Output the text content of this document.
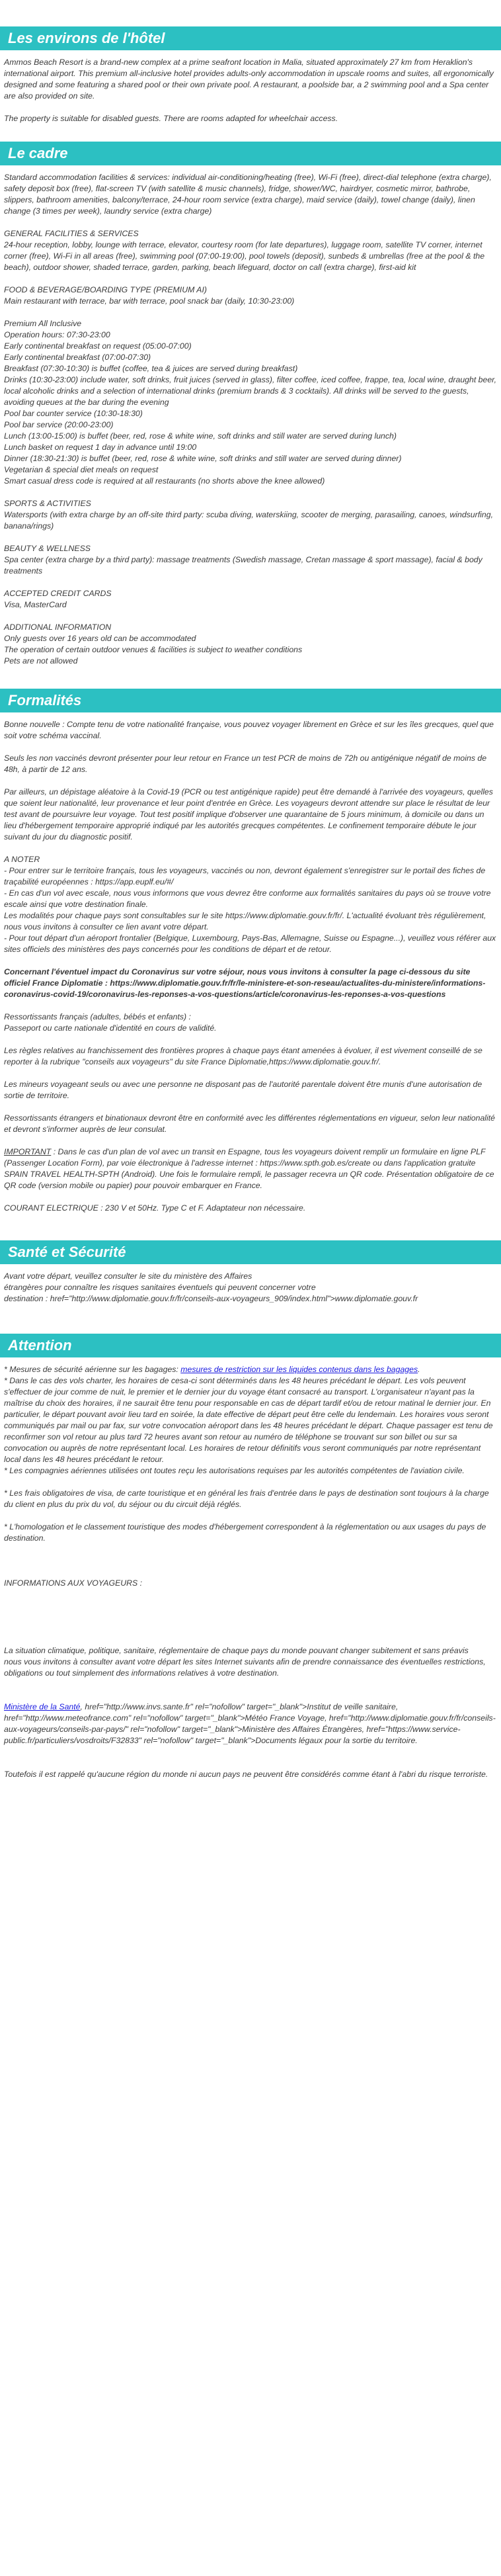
Les environs de l'hôtel

Ammos Beach Resort is a brand-new complex at a prime seafront location in Malia, situated approximately 27 km from Heraklion's international airport. This premium all-inclusive hotel provides adults-only accommodation in upscale rooms and suites, all ergonomically designed and some featuring a shared pool or their own private pool. A restaurant, a poolside bar, a 2 swimming pool and a Spa center are also provided on site.

The property is suitable for disabled guests. There are rooms adapted for wheelchair access.

Le cadre

Standard accommodation facilities & services: individual air-conditioning/heating (free), Wi-Fi (free), direct-dial telephone (extra charge), safety deposit box (free), flat-screen TV (with satellite & music channels), fridge, shower/WC, hairdryer, cosmetic mirror, bathrobe, slippers, bathroom amenities, balcony/terrace, 24-hour room service (extra charge), maid service (daily), towel change (daily), linen change (3 times per week), laundry service (extra charge)

GENERAL FACILITIES & SERVICES

24-hour reception, lobby, lounge with terrace, elevator, courtesy room (for late departures), luggage room, satellite TV corner, internet corner (free), Wi-Fi in all areas (free), swimming pool (07:00-19:00), pool towels (deposit), sunbeds & umbrellas (free at the pool & the beach), outdoor shower, shaded terrace, garden, parking, beach lifeguard, doctor on call (extra charge), first-aid kit

FOOD & BEVERAGE/BOARDING TYPE (PREMIUM AI)

Main restaurant with terrace, bar with terrace, pool snack bar (daily, 10:30-23:00)

Premium All Inclusive

Operation hours: 07:30-23:00

Early continental breakfast on request (05:00-07:00)

Early continental breakfast (07:00-07:30)

Breakfast (07:30-10:30) is buffet (coffee, tea & juices are served during breakfast)

Drinks (10:30-23:00) include water, soft drinks, fruit juices (served in glass), filter coffee, iced coffee, frappe, tea, local wine, draught beer, local alcoholic drinks and a selection of international drinks (premium brands & 3 cocktails). All drinks will be served to the guests, avoiding queues at the bar during the evening

Pool bar counter service (10:30-18:30)

Pool bar service (20:00-23:00)

Lunch (13:00-15:00) is buffet (beer, red, rose & white wine, soft drinks and still water are served during lunch)

Lunch basket on request 1 day in advance until 19:00

Dinner (18:30-21:30) is buffet (beer, red, rose & white wine, soft drinks and still water are served during dinner)

Vegetarian & special diet meals on request

Smart casual dress code is required at all restaurants (no shorts above the knee allowed)

SPORTS & ACTIVITIES

Watersports (with extra charge by an off-site third party: scuba diving, waterskiing, scooter de merging, parasailing, canoes, windsurfing, banana/rings)

BEAUTY & WELLNESS

Spa center (extra charge by a third party): massage treatments (Swedish massage, Cretan massage & sport massage), facial & body treatments

ACCEPTED CREDIT CARDS

Visa, MasterCard

ADDITIONAL INFORMATION

Only guests over 16 years old can be accommodated

The operation of certain outdoor venues & facilities is subject to weather conditions

Pets are not allowed

Formalités

Bonne nouvelle : Compte tenu de votre nationalité française, vous pouvez voyager librement en Grèce et sur les îles grecques, quel que soit votre schéma vaccinal.

Seuls les non vaccinés devront présenter pour leur retour en France un test PCR de moins de 72h ou antigénique négatif de moins de 48h, à partir de 12 ans.

Par ailleurs, un dépistage aléatoire à la Covid-19 (PCR ou test antigénique rapide) peut être demandé à l'arrivée des voyageurs, quelles que soient leur nationalité, leur provenance et leur point d'entrée en Grèce. Les voyageurs devront attendre sur place le résultat de leur test avant de poursuivre leur voyage. Tout test positif implique d'observer une quarantaine de 5 jours minimum, à domicile ou dans un lieu d'hébergement temporaire approprié indiqué par les autorités grecques compétentes. Le confinement temporaire débute le jour suivant du jour du diagnostic positif.

A NOTER

- Pour entrer sur le territoire français, tous les voyageurs, vaccinés ou non, devront également s'enregistrer sur le portail des fiches de traçabilité européennes : https://app.euplf.eu/#/

- En cas d'un vol avec escale, nous vous informons que vous devrez être conforme aux formalités sanitaires du pays où se trouve votre escale ainsi que votre destination finale.

Les modalités pour chaque pays sont consultables sur le site https://www.diplomatie.gouv.fr/fr/. L'actualité évoluant très régulièrement, nous vous invitons à consulter ce lien avant votre départ.

- Pour tout départ d'un aéroport frontalier (Belgique, Luxembourg, Pays-Bas, Allemagne, Suisse ou Espagne...), veuillez vous référer aux sites officiels des ministères des pays concernés pour les conditions de départ et de retour.

Concernant l'éventuel impact du Coronavirus sur votre séjour, nous vous invitons à consulter la page ci-dessous du site officiel France Diplomatie : https://www.diplomatie.gouv.fr/fr/le-ministere-et-son-reseau/actualites-du-ministere/informations-coronavirus-covid-19/coronavirus-les-reponses-a-vos-questions/article/coronavirus-les-reponses-a-vos-questions

Ressortissants français (adultes, bébés et enfants) :

Passeport ou carte nationale d'identité en cours de validité.

Les règles relatives au franchissement des frontières propres à chaque pays étant amenées à évoluer, il est vivement conseillé de se reporter à la rubrique "conseils aux voyageurs" du site France Diplomatie,https://www.diplomatie.gouv.fr/.

Les mineurs voyageant seuls ou avec une personne ne disposant pas de l'autorité parentale doivent être munis d'une autorisation de sortie de territoire.

Ressortissants étrangers et binationaux devront être en conformité avec les différentes réglementations en vigueur, selon leur nationalité et devront s'informer auprès de leur consulat.

IMPORTANT : Dans le cas d'un plan de vol avec un transit en Espagne, tous les voyageurs doivent remplir un formulaire en ligne PLF (Passenger Location Form), par voie électronique à l'adresse internet : https://www.spth.gob.es/create ou dans l'application gratuite SPAIN TRAVEL HEALTH-SPTH (Android). Une fois le formulaire rempli, le passager recevra un QR code. Présentation obligatoire de ce QR code (version mobile ou papier) pour pouvoir embarquer en France.

COURANT ELECTRIQUE : 230 V et 50Hz. Type C et F. Adaptateur non nécessaire.

Santé et Sécurité

Avant votre départ, veuillez consulter le site du ministère des Affaires

étrangères pour connaître les risques sanitaires éventuels qui peuvent concerner votre

destination : href="http://www.diplomatie.gouv.fr/fr/conseils-aux-voyageurs_909/index.html">www.diplomatie.gouv.fr

Attention

* Mesures de sécurité aérienne sur les bagages: mesures de restriction sur les liquides contenus dans les bagages.

* Dans le cas des vols charter, les horaires de cesa-ci sont déterminés dans les 48 heures précédant le départ. Les vols peuvent s'effectuer de jour comme de nuit, le premier et le dernier jour du voyage étant consacré au transport. L'organisateur n'ayant pas la maîtrise du choix des horaires, il ne saurait être tenu pour responsable en cas de départ tardif et/ou de retour matinal le dernier jour. En particulier, le départ pouvant avoir lieu tard en soirée, la date effective de départ peut être celle du lendemain. Les horaires vous seront communiqués par mail ou par fax, sur votre convocation aéroport dans les 48 heures précédant le départ. Chaque passager est tenu de reconfirmer son vol retour au plus tard 72 heures avant son retour au numéro de téléphone se trouvant sur son billet ou sur sa convocation ou auprès de notre représentant local. Les horaires de retour définitifs vous seront communiqués par notre représentant local dans les 48 heures précédant le retour.

* Les compagnies aériennes utilisées ont toutes reçu les autorisations requises par les autorités compétentes de l'aviation civile.

* Les frais obligatoires de visa, de carte touristique et en général les frais d'entrée dans le pays de destination sont toujours à la charge du client en plus du prix du vol, du séjour ou du circuit déjà réglés.

* L'homologation et le classement touristique des modes d'hébergement correspondent à la réglementation ou aux usages du pays de destination.

INFORMATIONS AUX VOYAGEURS :

La situation climatique, politique, sanitaire, réglementaire de chaque pays du monde pouvant changer subitement et sans préavis

nous vous invitons à consulter avant votre départ les sites Internet suivants afin de prendre connaissance des éventuelles restrictions, obligations ou tout simplement des informations relatives à votre destination.

Ministère de la Santé, href="http://www.invs.sante.fr" rel="nofollow" target="_blank">Institut de veille sanitaire, href="http://www.meteofrance.com" rel="nofollow" target="_blank">Météo France Voyage, href="http://www.diplomatie.gouv.fr/fr/conseils-aux-voyageurs/conseils-par-pays/" rel="nofollow" target="_blank">Ministère des Affaires Étrangères, href="https://www.service-public.fr/particuliers/vosdroits/F32833" rel="nofollow" target="_blank">Documents légaux pour la sortie du territoire.

Toutefois il est rappelé qu'aucune région du monde ni aucun pays ne peuvent être considérés comme étant à l'abri du risque terroriste.
